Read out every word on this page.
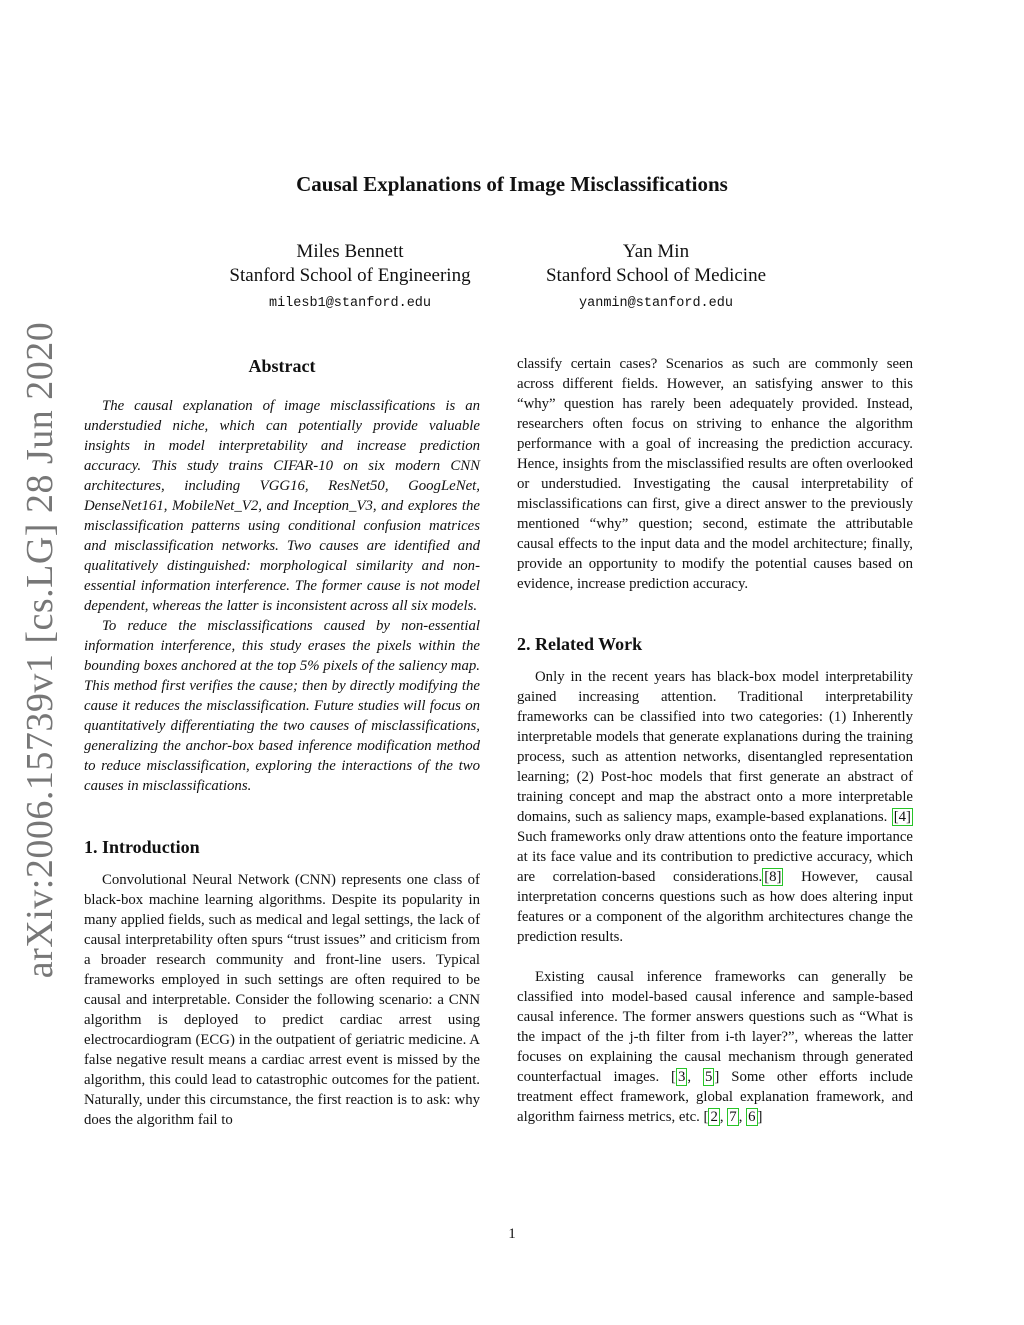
arXiv:2006.15739v1 [cs.LG] 28 Jun 2020
Causal Explanations of Image Misclassifications
Miles Bennett
Stanford School of Engineering
milesb1@stanford.edu
Yan Min
Stanford School of Medicine
yanmin@stanford.edu
Abstract

The causal explanation of image misclassifications is an understudied niche, which can potentially provide valuable insights in model interpretability and increase prediction accuracy. This study trains CIFAR-10 on six modern CNN architectures, including VGG16, ResNet50, GoogLeNet, DenseNet161, MobileNet_V2, and Inception_V3, and explores the misclassification patterns using conditional confusion matrices and misclassification networks. Two causes are identified and qualitatively distinguished: morphological similarity and non-essential information interference. The former cause is not model dependent, whereas the latter is inconsistent across all six models.

To reduce the misclassifications caused by non-essential information interference, this study erases the pixels within the bounding boxes anchored at the top 5% pixels of the saliency map. This method first verifies the cause; then by directly modifying the cause it reduces the misclassification. Future studies will focus on quantitatively differentiating the two causes of misclassifications, generalizing the anchor-box based inference modification method to reduce misclassification, exploring the interactions of the two causes in misclassifications.

1. Introduction

Convolutional Neural Network (CNN) represents one class of black-box machine learning algorithms. Despite its popularity in many applied fields, such as medical and legal settings, the lack of causal interpretability often spurs “trust issues” and criticism from a broader research community and front-line users. Typical frameworks employed in such settings are often required to be causal and interpretable. Consider the following scenario: a CNN algorithm is deployed to predict cardiac arrest using electrocardiogram (ECG) in the outpatient of geriatric medicine. A false negative result means a cardiac arrest event is missed by the algorithm, this could lead to catastrophic outcomes for the patient. Naturally, under this circumstance, the first reaction is to ask: why does the algorithm fail to

classify certain cases? Scenarios as such are commonly seen across different fields. However, an satisfying answer to this “why” question has rarely been adequately provided. Instead, researchers often focus on striving to enhance the algorithm performance with a goal of increasing the prediction accuracy. Hence, insights from the misclassified results are often overlooked or understudied. Investigating the causal interpretability of misclassifications can first, give a direct answer to the previously mentioned “why” question; second, estimate the attributable causal effects to the input data and the model architecture; finally, provide an opportunity to modify the potential causes based on evidence, increase prediction accuracy.

2. Related Work

Only in the recent years has black-box model interpretability gained increasing attention. Traditional interpretability frameworks can be classified into two categories: (1) Inherently interpretable models that generate explanations during the training process, such as attention networks, disentangled representation learning; (2) Post-hoc models that first generate an abstract of training concept and map the abstract onto a more interpretable domains, such as saliency maps, example-based explanations. [4] Such frameworks only draw attentions onto the feature importance at its face value and its contribution to predictive accuracy, which are correlation-based considerations. [8] However, causal interpretation concerns questions such as how does altering input features or a component of the algorithm architectures change the prediction results.

Existing causal inference frameworks can generally be classified into model-based causal inference and sample-based causal inference. The former answers questions such as “What is the impact of the j-th filter from i-th layer?”, whereas the latter focuses on explaining the causal mechanism through generated counterfactual images. [ 3 , 5 ] Some other efforts include treatment effect framework, global explanation framework, and algorithm fairness metrics, etc. [ 2 , 7 , 6 ]

1
